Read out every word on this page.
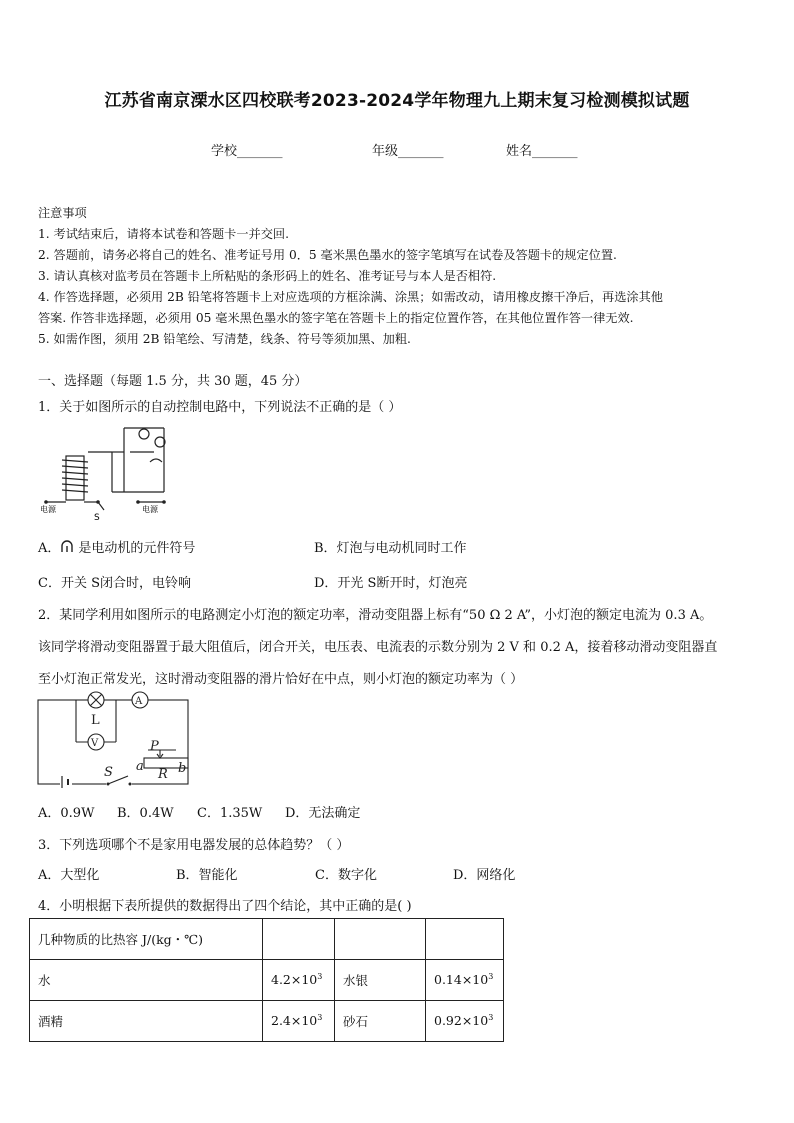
江苏省南京溧水区四校联考2023-2024学年物理九上期末复习检测模拟试题
学校_______	年级_______	姓名_______
注意事项
1. 考试结束后，请将本试卷和答题卡一并交回.
2. 答题前，请务必将自己的姓名、准考证号用 0．5 毫米黑色墨水的签字笔填写在试卷及答题卡的规定位置.
3. 请认真核对监考员在答题卡上所粘贴的条形码上的姓名、准考证号与本人是否相符.
4. 作答选择题，必须用 2B 铅笔将答题卡上对应选项的方框涂满、涂黑；如需改动，请用橡皮擦干净后，再选涂其他
答案. 作答非选择题，必须用 05 毫米黑色墨水的签字笔在答题卡上的指定位置作答，在其他位置作答一律无效.
5. 如需作图，须用 2B 铅笔绘、写清楚，线条、符号等须加黑、加粗.
一、选择题（每题 1.5 分，共 30 题，45 分）
1．关于如图所示的自动控制电路中，下列说法不正确的是（ ）
电源
S
电源
A． 是电动机的元件符号	B．灯泡与电动机同时工作
C．开关 S闭合时，电铃响	D．开光 S断开时，灯泡亮
2．某同学利用如图所示的电路测定小灯泡的额定功率，滑动变阻器上标有“50 Ω 2 A”，小灯泡的额定电流为 0.3 A。
该同学将滑动变阻器置于最大阻值后，闭合开关，电压表、电流表的示数分别为 2 V 和 0.2 A，接着移动滑动变阻器直
至小灯泡正常发光，这时滑动变阻器的滑片恰好在中点，则小灯泡的额定功率为（ ）
L
A
V
S
P
a	b
R
A．0.9W B．0.4W C．1.35W D．无法确定
3．下列选项哪个不是家用电器发展的总体趋势？（ ）
A．大型化	B．智能化	C．数字化	D．网络化
4．小明根据下表所提供的数据得出了四个结论，其中正确的是( )
几种物质的比热容 J/(kg・℃)			
水	$4.2\times 10^3$	水银	$0.14\times 10^3$
酒精	$2.4\times 10^3$	砂石	$0.92\times 10^3$
